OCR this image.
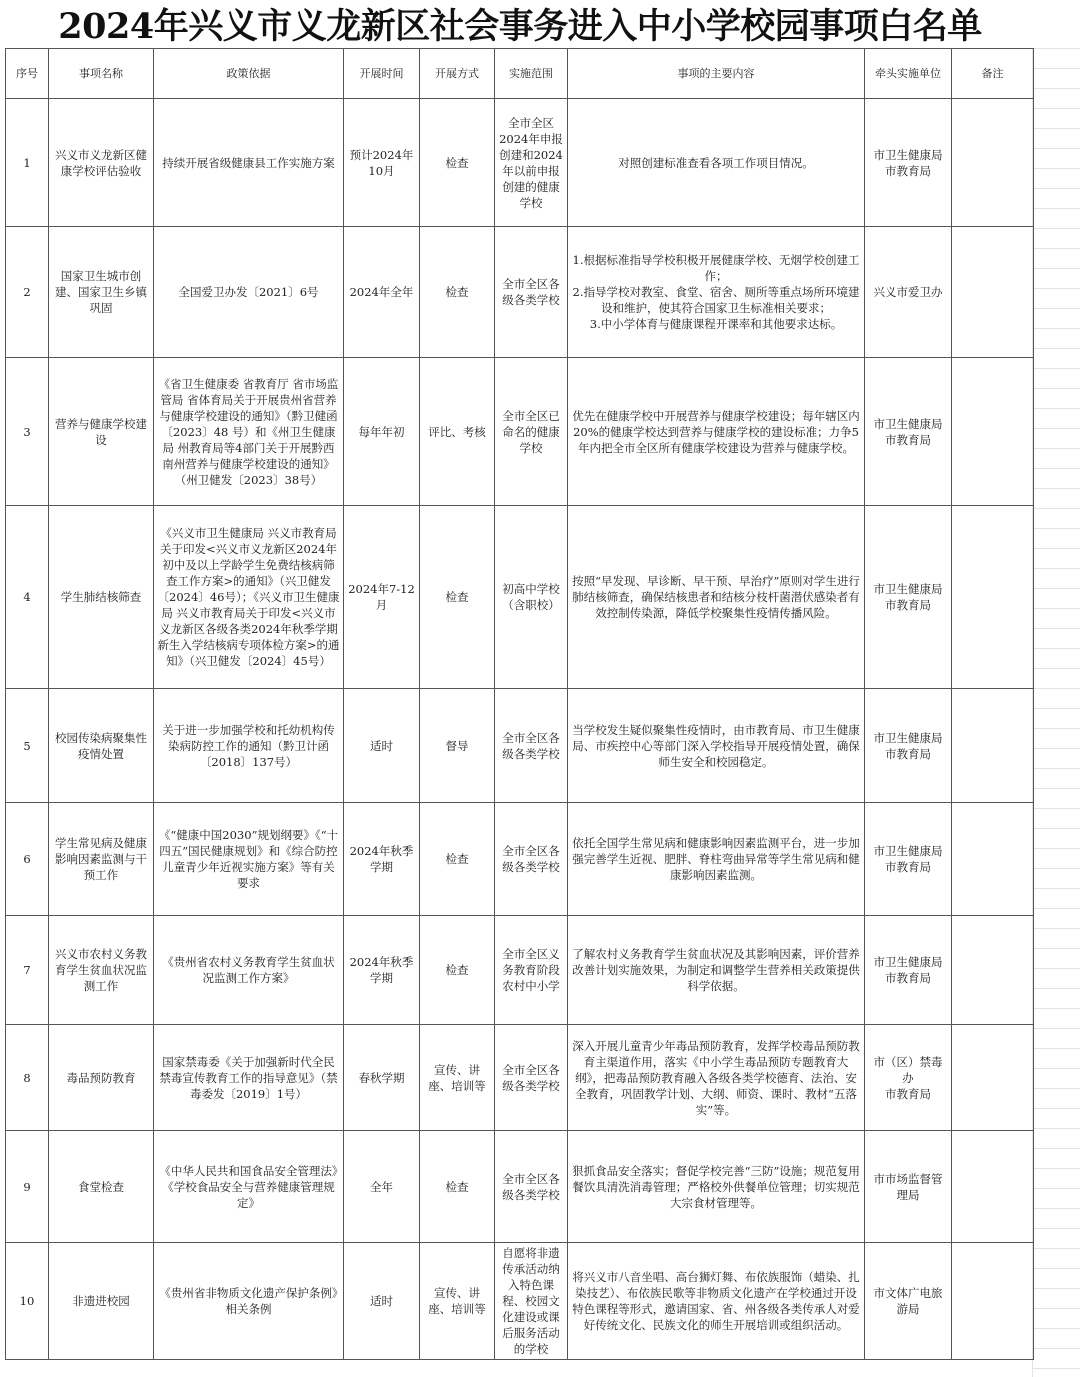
2024年兴义市义龙新区社会事务进入中小学校园事项白名单
序号	事项名称	政策依据	开展时间	开展方式	实施范围	事项的主要内容	牵头实施单位	备注
1	兴义市义龙新区健康学校评估验收	持续开展省级健康县工作实施方案	预计2024年10月	检查	全市全区2024年申报创建和2024年以前申报创建的健康学校	对照创建标准查看各项工作项目情况。	市卫生健康局
市教育局	
2	国家卫生城市创建、国家卫生乡镇巩固	全国爱卫办发〔2021〕6号	2024年全年	检查	全市全区各级各类学校	1.根据标准指导学校积极开展健康学校、无烟学校创建工作；
2.指导学校对教室、食堂、宿舍、厕所等重点场所环境建设和维护，使其符合国家卫生标准相关要求；
3.中小学体育与健康课程开课率和其他要求达标。	兴义市爱卫办	
3	营养与健康学校建设	《省卫生健康委 省教育厅 省市场监管局 省体育局关于开展贵州省营养与健康学校建设的通知》（黔卫健函〔2023〕48 号）和《州卫生健康局 州教育局等4部门关于开展黔西南州营养与健康学校建设的通知》（州卫健发〔2023〕38号）	每年年初	评比、考核	全市全区已命名的健康学校	优先在健康学校中开展营养与健康学校建设；每年辖区内20%的健康学校达到营养与健康学校的建设标准；力争5年内把全市全区所有健康学校建设为营养与健康学校。	市卫生健康局
市教育局	
4	学生肺结核筛查	《兴义市卫生健康局 兴义市教育局关于印发<兴义市义龙新区2024年初中及以上学龄学生免费结核病筛查工作方案>的通知》（兴卫健发〔2024〕46号）；《兴义市卫生健康局 兴义市教育局关于印发<兴义市义龙新区各级各类2024年秋季学期新生入学结核病专项体检方案>的通知》（兴卫健发〔2024〕45号）	2024年7-12月	检查	初高中学校（含职校）	按照“早发现、早诊断、早干预、早治疗”原则对学生进行肺结核筛查，确保结核患者和结核分枝杆菌潜伏感染者有效控制传染源，降低学校聚集性疫情传播风险。	市卫生健康局
市教育局	
5	校园传染病聚集性疫情处置	关于进一步加强学校和托幼机构传染病防控工作的通知（黔卫计函〔2018〕137号）	适时	督导	全市全区各级各类学校	当学校发生疑似聚集性疫情时，由市教育局、市卫生健康局、市疾控中心等部门深入学校指导开展疫情处置，确保师生安全和校园稳定。	市卫生健康局
市教育局	
6	学生常见病及健康影响因素监测与干预工作	《“健康中国2030”规划纲要》《“十四五”国民健康规划》和《综合防控儿童青少年近视实施方案》等有关要求	2024年秋季学期	检查	全市全区各级各类学校	依托全国学生常见病和健康影响因素监测平台，进一步加强完善学生近视、肥胖、脊柱弯曲异常等学生常见病和健康影响因素监测。	市卫生健康局
市教育局	
7	兴义市农村义务教育学生贫血状况监测工作	《贵州省农村义务教育学生贫血状况监测工作方案》	2024年秋季学期	检查	全市全区义务教育阶段农村中小学	了解农村义务教育学生贫血状况及其影响因素，评价营养改善计划实施效果，为制定和调整学生营养相关政策提供科学依据。	市卫生健康局
市教育局	
8	毒品预防教育	国家禁毒委《关于加强新时代全民禁毒宣传教育工作的指导意见》（禁毒委发〔2019〕1号）	春秋学期	宣传、讲座、培训等	全市全区各级各类学校	深入开展儿童青少年毒品预防教育，发挥学校毒品预防教育主渠道作用，落实《中小学生毒品预防专题教育大纲》，把毒品预防教育融入各级各类学校德育、法治、安全教育，巩固教学计划、大纲、师资、课时、教材“五落实”等。	市（区）禁毒办
市教育局	
9	食堂检查	《中华人民共和国食品安全管理法》《学校食品安全与营养健康管理规定》	全年	检查	全市全区各级各类学校	狠抓食品安全落实；督促学校完善“三防”设施；规范复用餐饮具清洗消毒管理；严格校外供餐单位管理；切实规范大宗食材管理等。	市市场监督管理局	
10	非遗进校园	《贵州省非物质文化遗产保护条例》相关条例	适时	宣传、讲座、培训等	自愿将非遗传承活动纳入特色课程、校园文化建设或课后服务活动的学校	将兴义市八音坐唱、高台狮灯舞、布依族服饰（蜡染、扎染技艺）、布依族民歌等非物质文化遗产在学校通过开设特色课程等形式，邀请国家、省、州各级各类传承人对爱好传统文化、民族文化的师生开展培训或组织活动。	市文体广电旅游局	
